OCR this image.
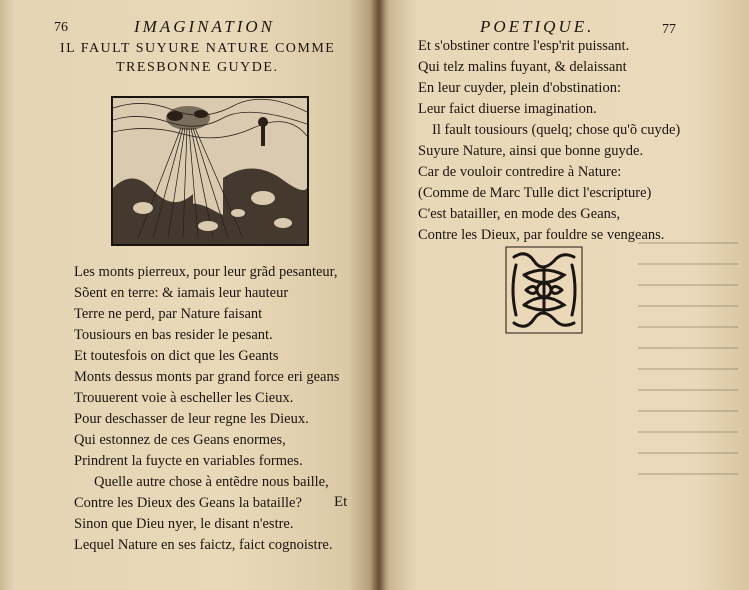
76	IMAGINATION
IL FAULT SUYURE NATURE COMME
TRESBONNE GUYDE.
Les monts pierreux, pour leur grãd pesanteur,
Sõent en terre: & iamais leur hauteur
Terre ne perd, par Nature faisant
Tousiours en bas resider le pesant.
Et toutesfois on dict que les Geants
Monts dessus monts par grand force eri geans
Trouuerent voie à escheller les Cieux.
Pour deschasser de leur regne les Dieux.
Qui estonnez de ces Geans enormes,
Prindrent la fuycte en variables formes.
Quelle autre chose à entẽdre nous baille,
Contre les Dieux des Geans la bataille?
Sinon que Dieu nyer, le disant n'estre.
Lequel Nature en ses faictz, faict cognoistre.
Et
POETIQUE.	77
Et s'obstiner contre l'esp'rit puissant.
Qui telz malins fuyant, & delaissant
En leur cuyder, plein d'obstination:
Leur faict diuerse imagination.
Il fault tousiours (quelq; chose qu'õ cuyde)
Suyure Nature, ainsi que bonne guyde.
Car de vouloir contredire à Nature:
(Comme de Marc Tulle dict l'escripture)
C'est batailler, en mode des Geans,
Contre les Dieux, par fouldre se vengeans.
